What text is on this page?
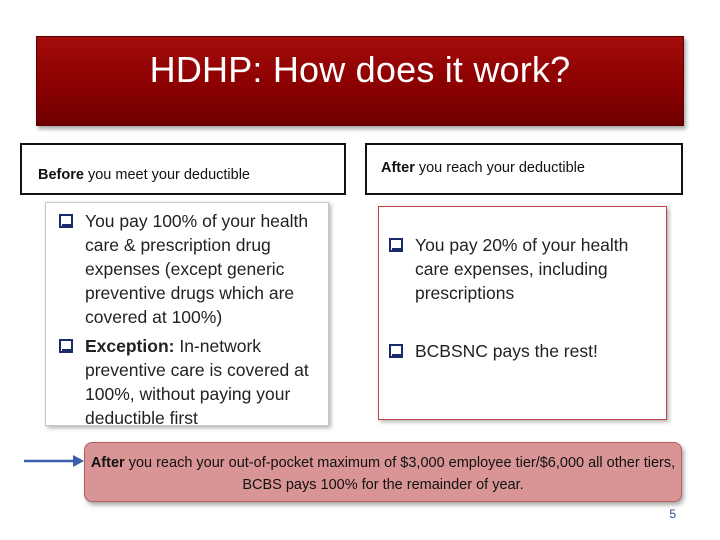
HDHP: How does it work?
Before you meet your deductible	After you reach your deductible
You pay 100% of your health care & prescription drug expenses (except generic preventive drugs which are covered at 100%)
Exception: In-network preventive care is covered at 100%, without paying your deductible first
You pay 20% of your health care expenses, including prescriptions
BCBSNC pays the rest!
After you reach your out-of-pocket maximum of $3,000 employee tier/$6,000 all other tiers, BCBS pays 100% for the remainder of year.
5
